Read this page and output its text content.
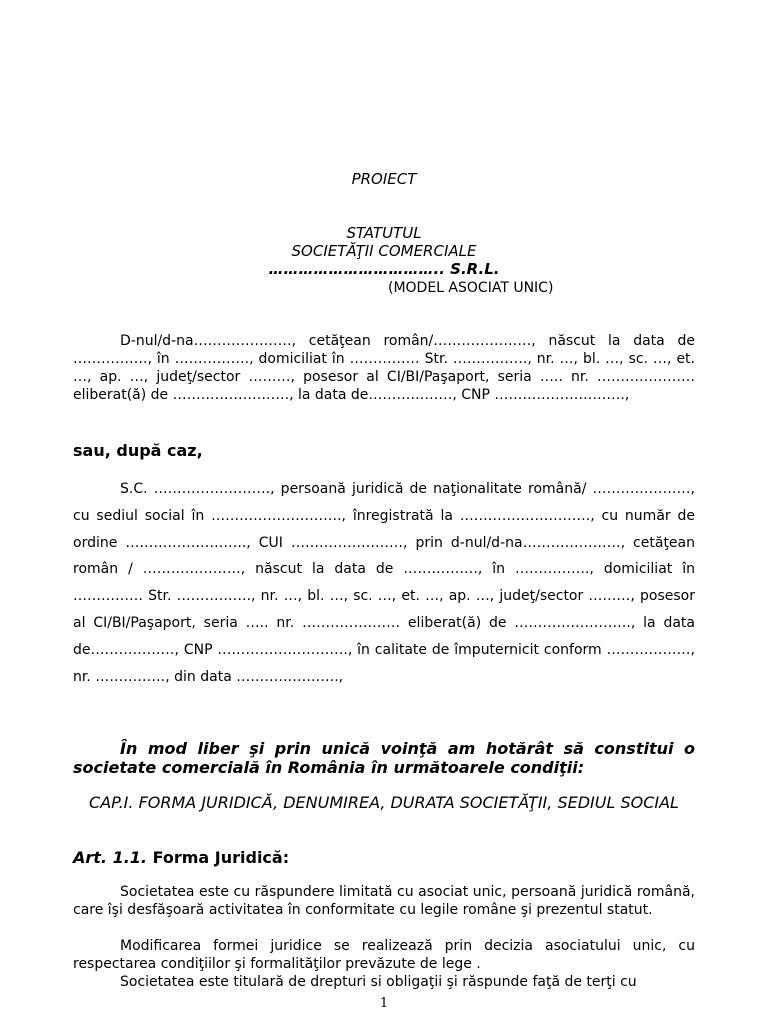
PROIECT
STATUTUL
SOCIETĂŢII COMERCIALE
…………………………….. S.R.L.
(MODEL ASOCIAT UNIC)

D-nul/d-na…………………, cetăţean român/…………………, născut la data de ……………., în ……………., domiciliat în …………… Str. ……………., nr. …, bl. …, sc. …, et. …, ap. …, judeţ/sector ………, posesor al CI/BI/Paşaport, seria ….. nr. ………………… eliberat(ă) de ……………………., la data de………………, CNP ……………………….,

sau, după caz,

S.C. ……………………., persoană juridică de naţionalitate română/ …………………, cu sediul social în ………………………., înregistrată la ………………………., cu număr de ordine …………………….., CUI ……………………, prin d-nul/d-na…………………, cetăţean român / …………………, născut la data de ……………., în ……………., domiciliat în …………… Str. ……………., nr. …, bl. …, sc. …, et. …, ap. …, judeţ/sector ………, posesor al CI/BI/Paşaport, seria ….. nr. ………………… eliberat(ă) de ……………………., la data de………………, CNP ………………………., în calitate de împuternicit conform ………………, nr. ……………, din data ………………….,

În mod liber şi prin unică voinţă am hotărât să constitui o societate comercială în România în următoarele condiţii:

CAP.I. FORMA JURIDICĂ, DENUMIREA, DURATA SOCIETĂŢII, SEDIUL SOCIAL
Art. 1.1. Forma Juridică:

Societatea este cu răspundere limitată cu asociat unic, persoană juridică română, care îşi desfăşoară activitatea în conformitate cu legile române şi prezentul statut.

Modificarea formei juridice se realizează prin decizia asociatului unic, cu respectarea condiţiilor şi formalităţilor prevăzute de lege .

Societatea este titulară de drepturi si obligaţii şi răspunde faţă de terţi cu

1
